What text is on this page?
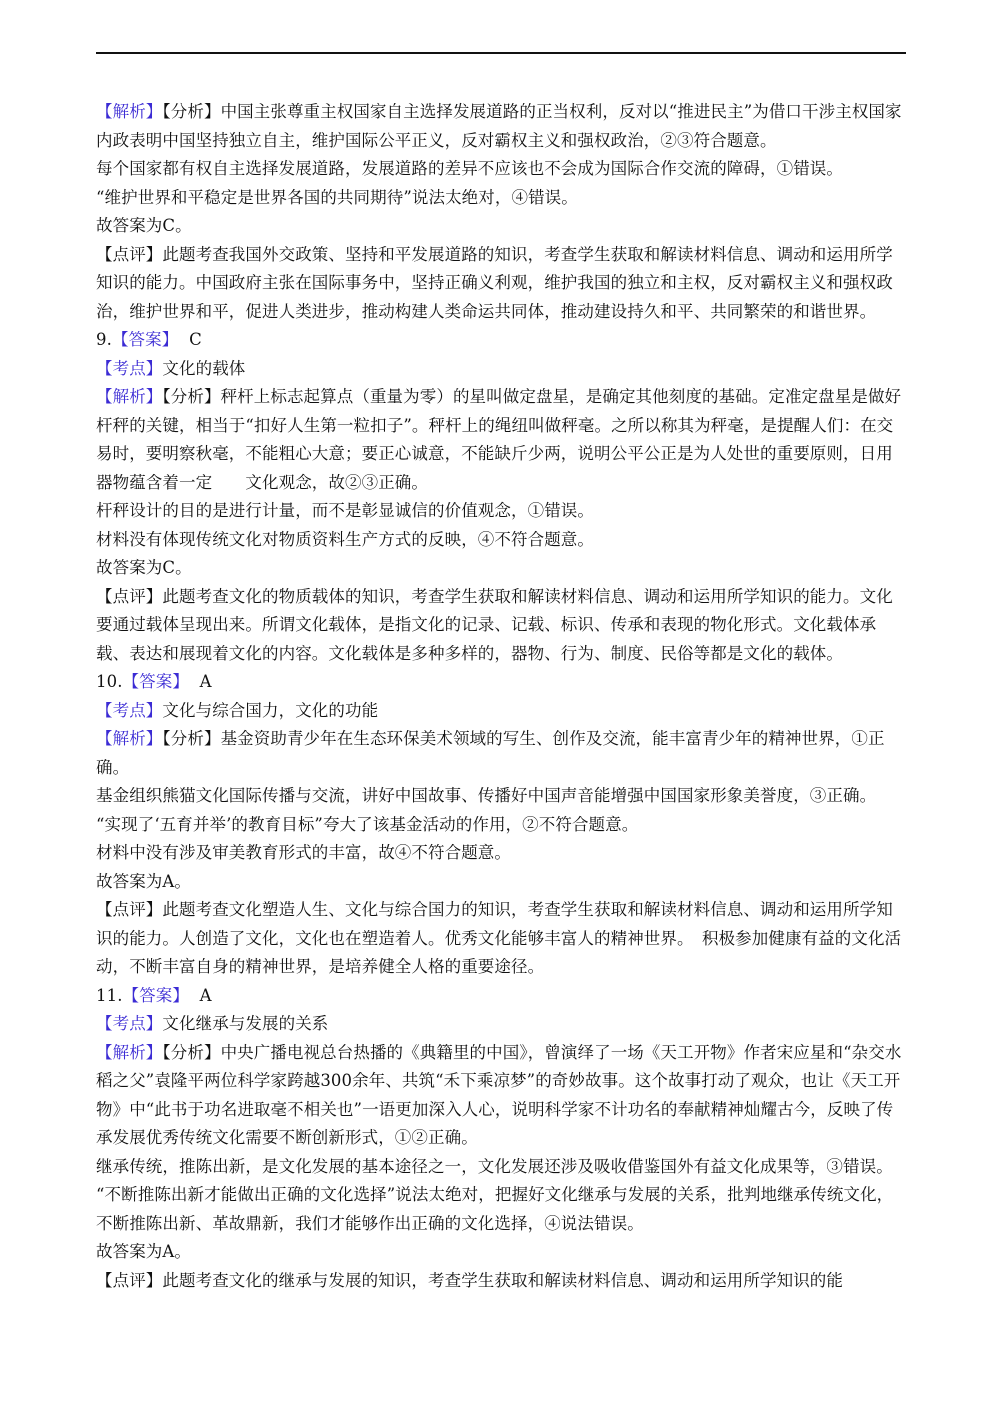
【解析】【分析】中国主张尊重主权国家自主选择发展道路的正当权利，反对以“推进民主”为借口干涉主权国家内政表明中国坚持独立自主，维护国际公平正义，反对霸权主义和强权政治，②③符合题意。

每个国家都有权自主选择发展道路，发展道路的差异不应该也不会成为国际合作交流的障碍，①错误。

“维护世界和平稳定是世界各国的共同期待”说法太绝对，④错误。

故答案为C。

【点评】此题考查我国外交政策、坚持和平发展道路的知识，考查学生获取和解读材料信息、调动和运用所学知识的能力。中国政府主张在国际事务中，坚持正确义利观，维护我国的独立和主权，反对霸权主义和强权政治，维护世界和平，促进人类进步，推动构建人类命运共同体，推动建设持久和平、共同繁荣的和谐世界。

9.【答案】 C

【考点】文化的载体

【解析】【分析】秤杆上标志起算点（重量为零）的星叫做定盘星，是确定其他刻度的基础。定准定盘星是做好杆秤的关键，相当于“扣好人生第一粒扣子”。秤杆上的绳纽叫做秤毫。之所以称其为秤毫，是提醒人们：在交易时，要明察秋毫，不能粗心大意；要正心诚意，不能缺斤少两，说明公平公正是为人处世的重要原则，日用器物蕴含着一定　　文化观念，故②③正确。

杆秤设计的目的是进行计量，而不是彰显诚信的价值观念，①错误。

材料没有体现传统文化对物质资料生产方式的反映，④不符合题意。

故答案为C。

【点评】此题考查文化的物质载体的知识，考查学生获取和解读材料信息、调动和运用所学知识的能力。文化要通过载体呈现出来。所谓文化载体，是指文化的记录、记载、标识、传承和表现的物化形式。文化载体承载、表达和展现着文化的内容。文化载体是多种多样的，器物、行为、制度、民俗等都是文化的载体。

10.【答案】 A

【考点】文化与综合国力，文化的功能

【解析】【分析】基金资助青少年在生态环保美术领域的写生、创作及交流，能丰富青少年的精神世界，①正确。

基金组织熊猫文化国际传播与交流，讲好中国故事、传播好中国声音能增强中国国家形象美誉度，③正确。

“实现了‘五育并举’的教育目标”夸大了该基金活动的作用，②不符合题意。

材料中没有涉及审美教育形式的丰富，故④不符合题意。

故答案为A。

【点评】此题考查文化塑造人生、文化与综合国力的知识，考查学生获取和解读材料信息、调动和运用所学知识的能力。人创造了文化，文化也在塑造着人。优秀文化能够丰富人的精神世界。　积极参加健康有益的文化活动，不断丰富自身的精神世界，是培养健全人格的重要途径。

11.【答案】 A

【考点】文化继承与发展的关系

【解析】【分析】中央广播电视总台热播的《典籍里的中国》，曾演绎了一场《天工开物》作者宋应星和“杂交水稻之父”袁隆平两位科学家跨越300余年、共筑“禾下乘凉梦”的奇妙故事。这个故事打动了观众，也让《天工开物》中“此书于功名进取毫不相关也”一语更加深入人心，说明科学家不计功名的奉献精神灿耀古今，反映了传承发展优秀传统文化需要不断创新形式，①②正确。

继承传统，推陈出新，是文化发展的基本途径之一，文化发展还涉及吸收借鉴国外有益文化成果等，③错误。

“不断推陈出新才能做出正确的文化选择”说法太绝对，把握好文化继承与发展的关系，批判地继承传统文化，不断推陈出新、革故鼎新，我们才能够作出正确的文化选择，④说法错误。

故答案为A。

【点评】此题考查文化的继承与发展的知识，考查学生获取和解读材料信息、调动和运用所学知识的能
